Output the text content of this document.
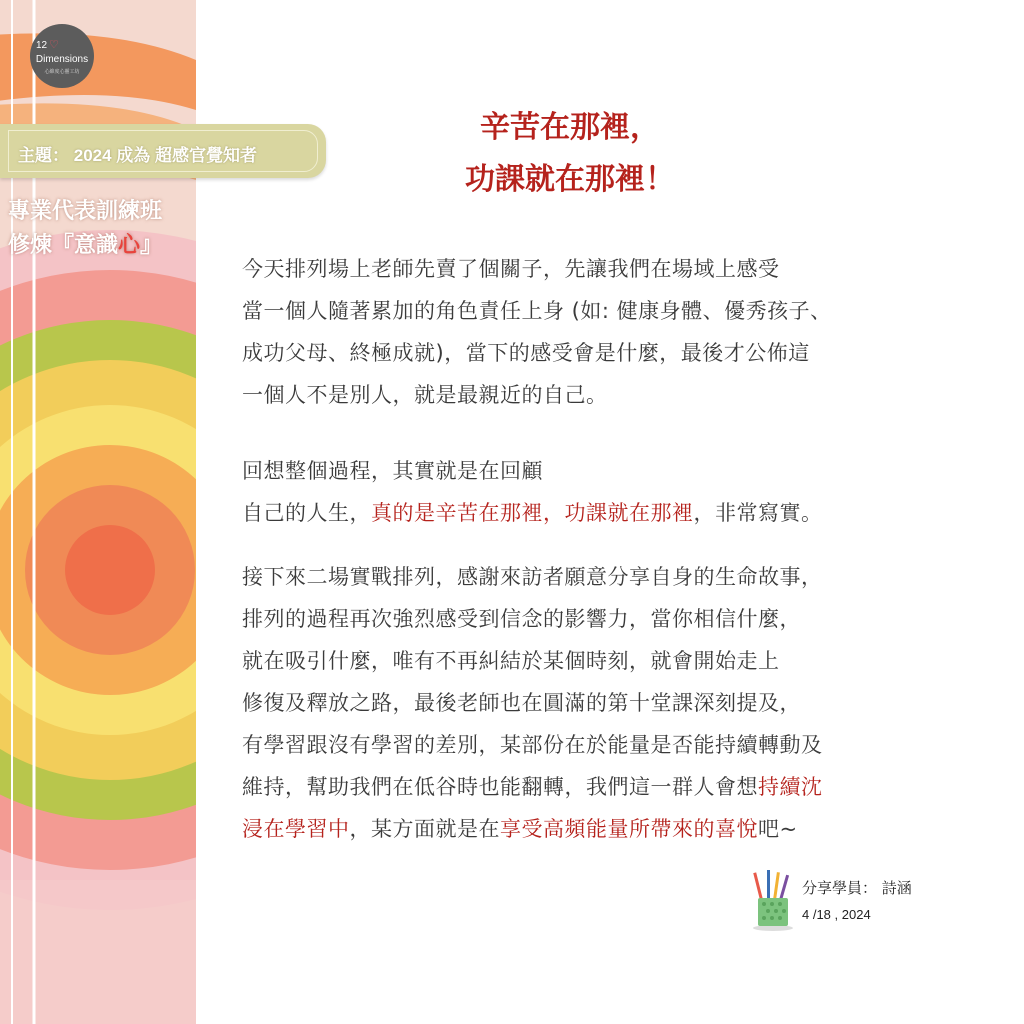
12 ♡
Dimensions
心維度心靈工坊
主題： 2024 成為 超感官覺知者
專業代表訓練班
修煉『意識心』
辛苦在那裡，
功課就在那裡！
今天排列場上老師先賣了個關子，先讓我們在場域上感受
當一個人隨著累加的角色責任上身 (如: 健康身體、優秀孩子、
成功父母、終極成就)，當下的感受會是什麼，最後才公佈這
一個人不是別人，就是最親近的自己。
回想整個過程，其實就是在回顧
自己的人生，真的是辛苦在那裡，功課就在那裡，非常寫實。
接下來二場實戰排列，感謝來訪者願意分享自身的生命故事，
排列的過程再次強烈感受到信念的影響力，當你相信什麼，
就在吸引什麼，唯有不再糾結於某個時刻，就會開始走上
修復及釋放之路，最後老師也在圓滿的第十堂課深刻提及，
有學習跟沒有學習的差別，某部份在於能量是否能持續轉動及
維持，幫助我們在低谷時也能翻轉，我們這一群人會想持續沈
浸在學習中，某方面就是在享受高頻能量所帶來的喜悅吧~
分享學員： 詩涵
4 /18 , 2024
